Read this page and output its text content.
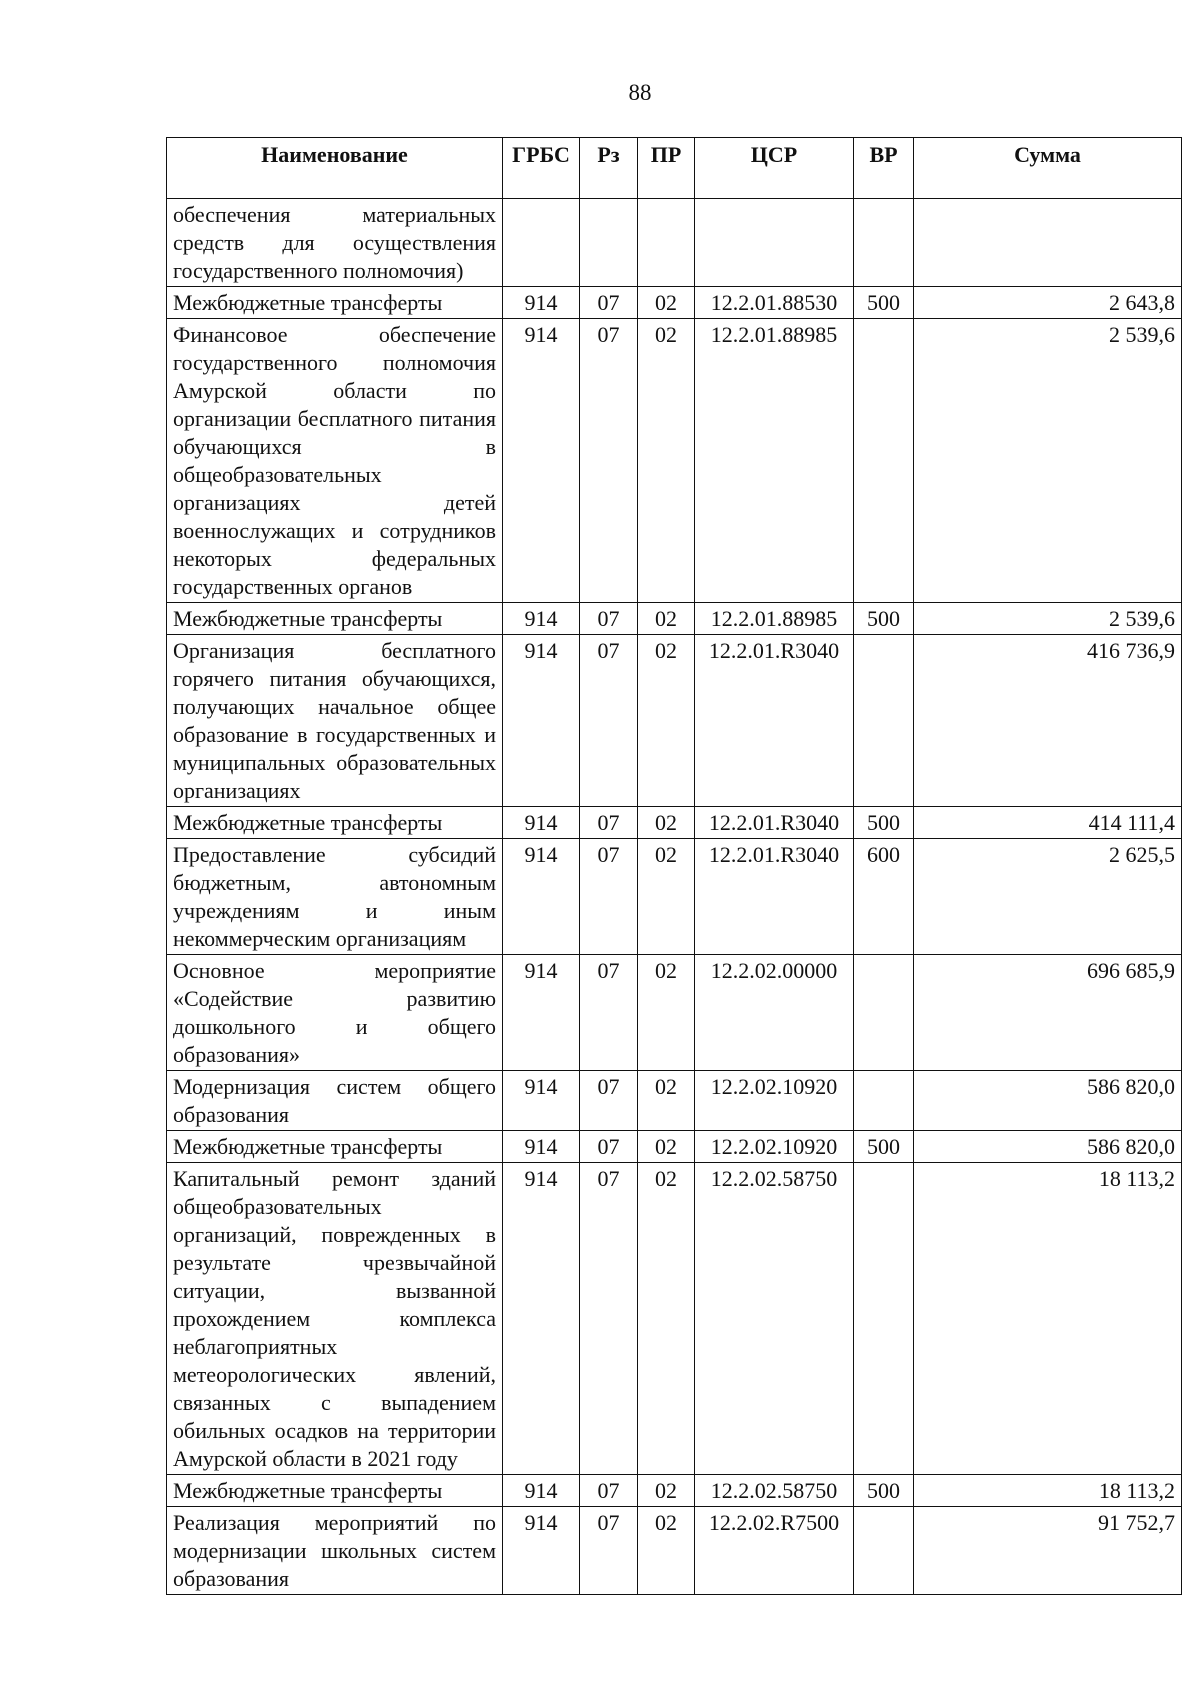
88
Наименование	ГРБС	Рз	ПР	ЦСР	ВР	Сумма
обеспечения материальных средств для осуществления государственного полномочия)						
Межбюджетные трансферты	914	07	02	12.2.01.88530	500	2 643,8
Финансовое обеспечение государственного полномочия Амурской области по организации бесплатного питания обучающихся в общеобразовательных организациях детей военнослужащих и сотрудников некоторых федеральных государственных органов	914	07	02	12.2.01.88985		2 539,6
Межбюджетные трансферты	914	07	02	12.2.01.88985	500	2 539,6
Организация бесплатного горячего питания обучающихся, получающих начальное общее образование в государственных и муниципальных образовательных организациях	914	07	02	12.2.01.R3040		416 736,9
Межбюджетные трансферты	914	07	02	12.2.01.R3040	500	414 111,4
Предоставление субсидий бюджетным, автономным учреждениям и иным некоммерческим организациям	914	07	02	12.2.01.R3040	600	2 625,5
Основное мероприятие «Содействие развитию дошкольного и общего образования»	914	07	02	12.2.02.00000		696 685,9
Модернизация систем общего образования	914	07	02	12.2.02.10920		586 820,0
Межбюджетные трансферты	914	07	02	12.2.02.10920	500	586 820,0
Капитальный ремонт зданий общеобразовательных организаций, поврежденных в результате чрезвычайной ситуации, вызванной прохождением комплекса неблагоприятных метеорологических явлений, связанных с выпадением обильных осадков на территории Амурской области в 2021 году	914	07	02	12.2.02.58750		18 113,2
Межбюджетные трансферты	914	07	02	12.2.02.58750	500	18 113,2
Реализация мероприятий по модернизации школьных систем образования	914	07	02	12.2.02.R7500		91 752,7
